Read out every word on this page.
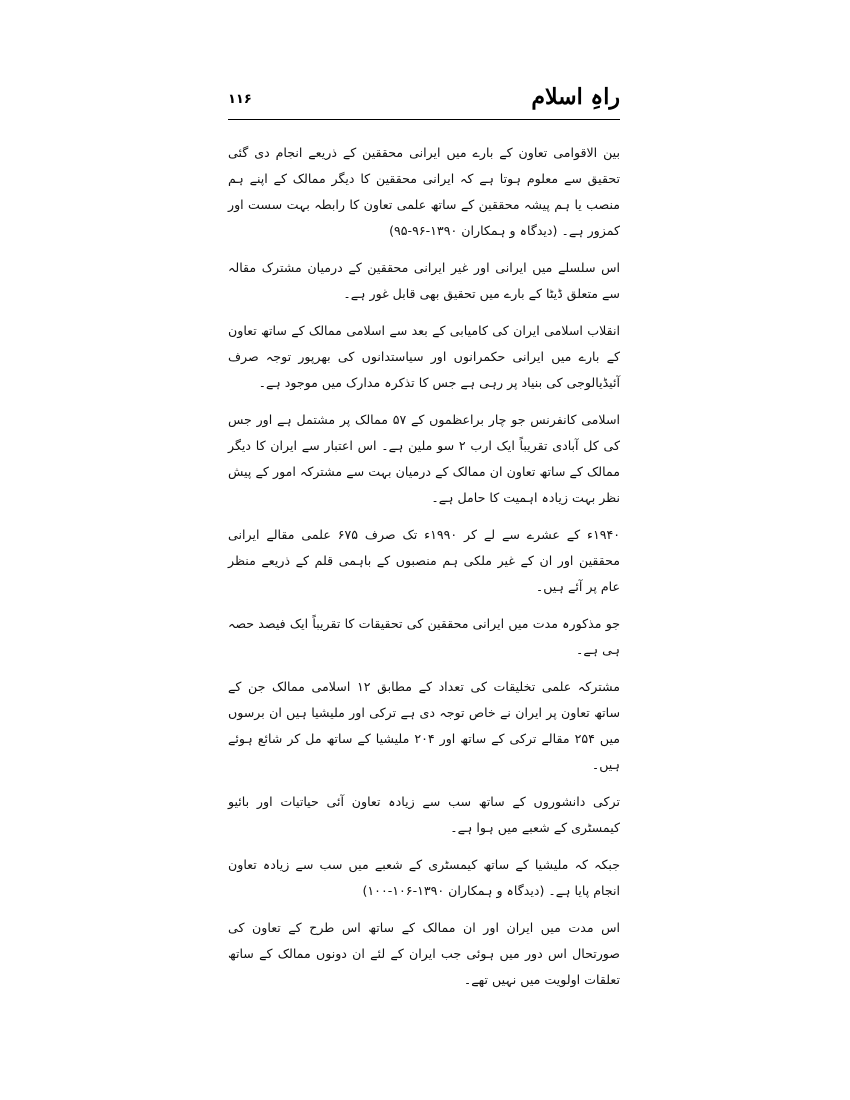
راہِ اسلام
۱۱۶

بین الاقوامی تعاون کے بارے میں ایرانی محققین کے ذریعے انجام دی گئی تحقیق سے معلوم ہوتا ہے کہ ایرانی محققین کا دیگر ممالک کے اپنے ہم منصب یا ہم پیشہ محققین کے ساتھ علمی تعاون کا رابطہ بہت سست اور کمزور ہے۔ (دیدگاہ و ہمکاران ۱۳۹۰-۹۶-۹۵)

اس سلسلے میں ایرانی اور غیر ایرانی محققین کے درمیان مشترک مقالہ سے متعلق ڈیٹا کے بارے میں تحقیق بھی قابل غور ہے۔

انقلاب اسلامی ایران کی کامیابی کے بعد سے اسلامی ممالک کے ساتھ تعاون کے بارے میں ایرانی حکمرانوں اور سیاستدانوں کی بھرپور توجہ صرف آئیڈیالوجی کی بنیاد پر رہی ہے جس کا تذکرہ مدارک میں موجود ہے۔

اسلامی کانفرنس جو چار براعظموں کے ۵۷ ممالک پر مشتمل ہے اور جس کی کل آبادی تقریباً ایک ارب ۲ سو ملین ہے۔ اس اعتبار سے ایران کا دیگر ممالک کے ساتھ تعاون ان ممالک کے درمیان بہت سے مشترکہ امور کے پیش نظر بہت زیادہ اہمیت کا حامل ہے۔

۱۹۴۰ء کے عشرے سے لے کر ۱۹۹۰ء تک صرف ۶۷۵ علمی مقالے ایرانی محققین اور ان کے غیر ملکی ہم منصبوں کے باہمی قلم کے ذریعے منظر عام پر آئے ہیں۔

جو مذکورہ مدت میں ایرانی محققین کی تحقیقات کا تقریباً ایک فیصد حصہ ہی ہے۔

مشترکہ علمی تخلیقات کی تعداد کے مطابق ۱۲ اسلامی ممالک جن کے ساتھ تعاون پر ایران نے خاص توجہ دی ہے ترکی اور ملیشیا ہیں ان برسوں میں ۲۵۴ مقالے ترکی کے ساتھ اور ۲۰۴ ملیشیا کے ساتھ مل کر شائع ہوئے ہیں۔

ترکی دانشوروں کے ساتھ سب سے زیادہ تعاون آئی حیاتیات اور بائیو کیمسٹری کے شعبے میں ہوا ہے۔

جبکہ کہ ملیشیا کے ساتھ کیمسٹری کے شعبے میں سب سے زیادہ تعاون انجام پایا ہے۔ (دیدگاہ و ہمکاران ۱۳۹۰-۱۰۶-۱۰۰)

اس مدت میں ایران اور ان ممالک کے ساتھ اس طرح کے تعاون کی صورتحال اس دور میں ہوئی جب ایران کے لئے ان دونوں ممالک کے ساتھ تعلقات اولویت میں نہیں تھے۔
